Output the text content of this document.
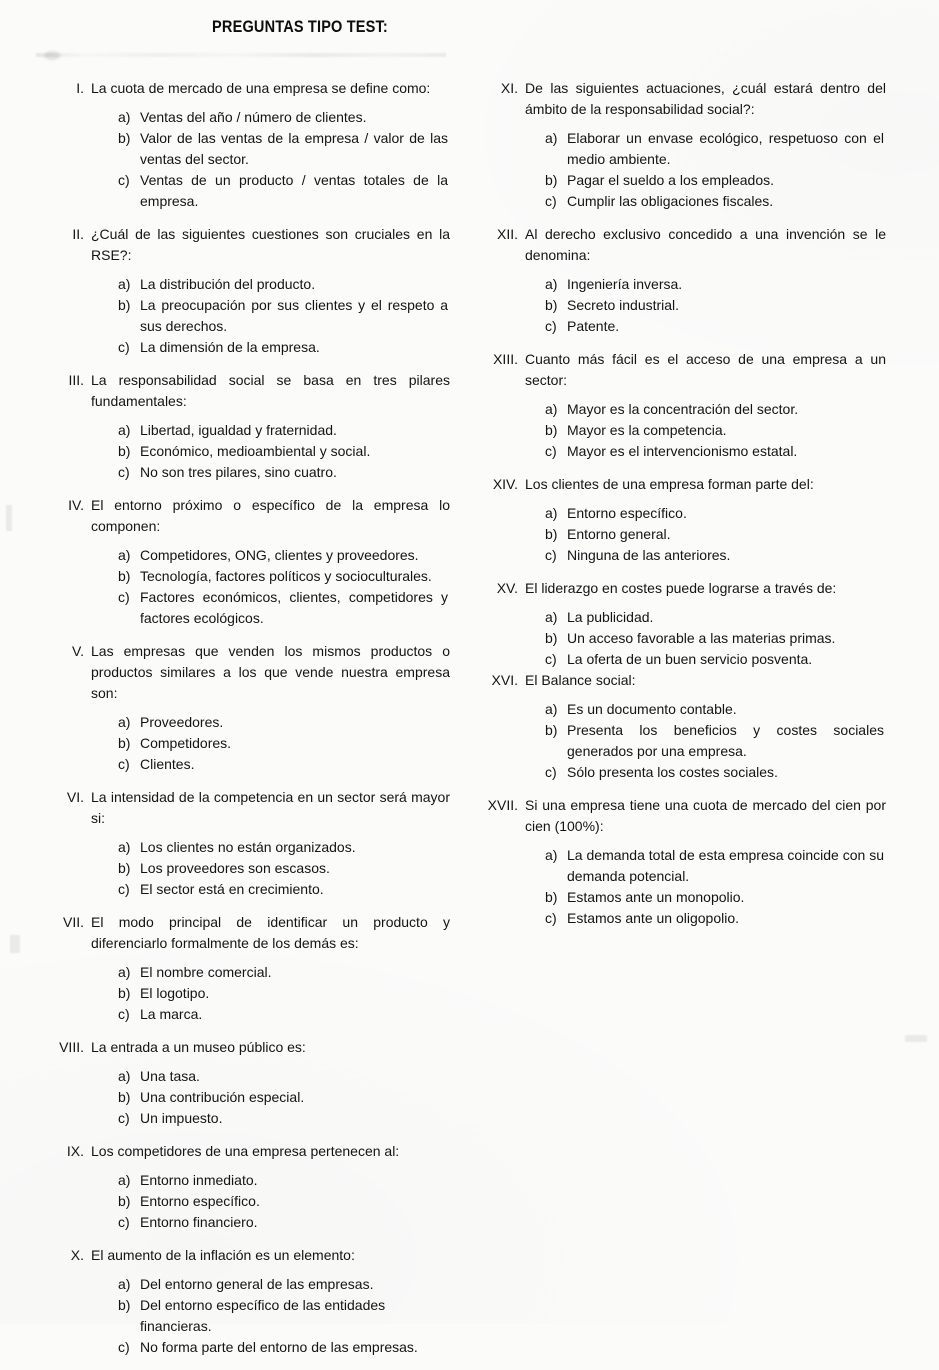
PREGUNTAS TIPO TEST:
I. La cuota de mercado de una empresa se define como:
a) Ventas del año / número de clientes.
b) Valor de las ventas de la empresa / valor de las ventas del sector.
c) Ventas de un producto / ventas totales de la empresa.
II. ¿Cuál de las siguientes cuestiones son cruciales en la RSE?:
a) La distribución del producto.
b) La preocupación por sus clientes y el respeto a sus derechos.
c) La dimensión de la empresa.
III. La responsabilidad social se basa en tres pilares fundamentales:
a) Libertad, igualdad y fraternidad.
b) Económico, medioambiental y social.
c) No son tres pilares, sino cuatro.
IV. El entorno próximo o específico de la empresa lo componen:
a) Competidores, ONG, clientes y proveedores.
b) Tecnología, factores políticos y socioculturales.
c) Factores económicos, clientes, competidores y factores ecológicos.
V. Las empresas que venden los mismos productos o productos similares a los que vende nuestra empresa son:
a) Proveedores.
b) Competidores.
c) Clientes.
VI. La intensidad de la competencia en un sector será mayor si:
a) Los clientes no están organizados.
b) Los proveedores son escasos.
c) El sector está en crecimiento.
VII. El modo principal de identificar un producto y diferenciarlo formalmente de los demás es:
a) El nombre comercial.
b) El logotipo.
c) La marca.
VIII. La entrada a un museo público es:
a) Una tasa.
b) Una contribución especial.
c) Un impuesto.
IX. Los competidores de una empresa pertenecen al:
a) Entorno inmediato.
b) Entorno específico.
c) Entorno financiero.
X. El aumento de la inflación es un elemento:
a) Del entorno general de las empresas.
b) Del entorno específico de las entidades financieras.
c) No forma parte del entorno de las empresas.
XI. De las siguientes actuaciones, ¿cuál estará dentro del ámbito de la responsabilidad social?:
a) Elaborar un envase ecológico, respetuoso con el medio ambiente.
b) Pagar el sueldo a los empleados.
c) Cumplir las obligaciones fiscales.
XII. Al derecho exclusivo concedido a una invención se le denomina:
a) Ingeniería inversa.
b) Secreto industrial.
c) Patente.
XIII. Cuanto más fácil es el acceso de una empresa a un sector:
a) Mayor es la concentración del sector.
b) Mayor es la competencia.
c) Mayor es el intervencionismo estatal.
XIV. Los clientes de una empresa forman parte del:
a) Entorno específico.
b) Entorno general.
c) Ninguna de las anteriores.
XV. El liderazgo en costes puede lograrse a través de:
a) La publicidad.
b) Un acceso favorable a las materias primas.
c) La oferta de un buen servicio posventa.
XVI. El Balance social:
a) Es un documento contable.
b) Presenta los beneficios y costes sociales generados por una empresa.
c) Sólo presenta los costes sociales.
XVII. Si una empresa tiene una cuota de mercado del cien por cien (100%):
a) La demanda total de esta empresa coincide con su demanda potencial.
b) Estamos ante un monopolio.
c) Estamos ante un oligopolio.
